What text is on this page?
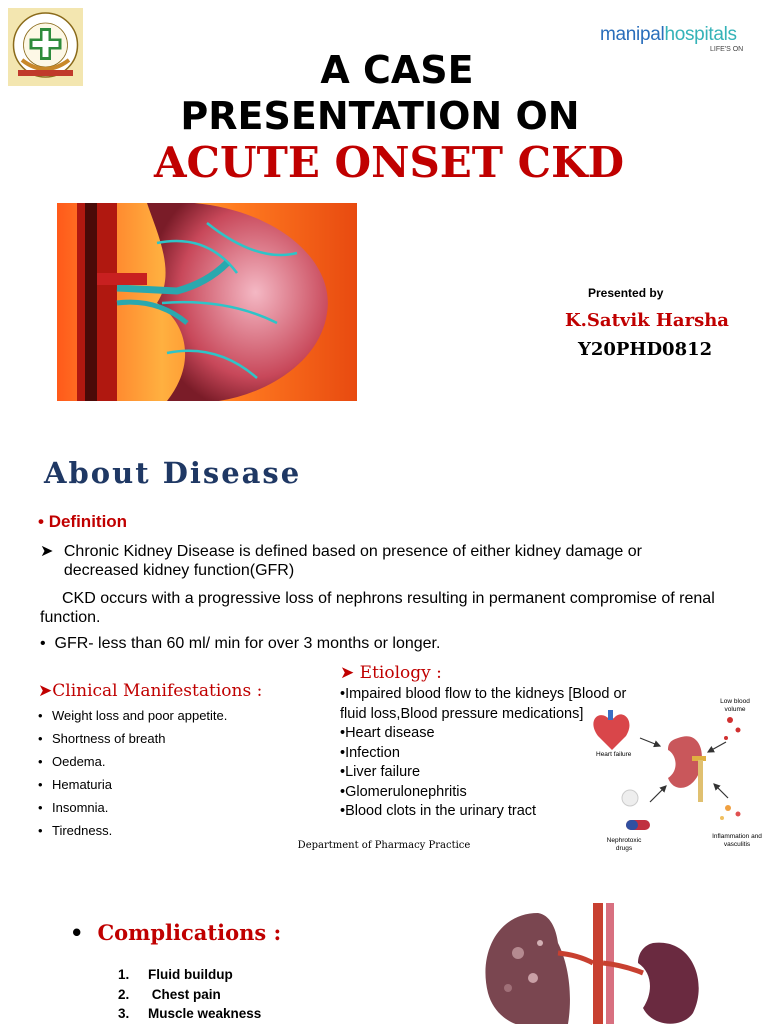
manipalhospitals
LIFE'S ON
A CASE
PRESENTATION ON
ACUTE ONSET CKD
Presented by
K.Satvik Harsha
Y20PHD0812
About Disease
• Definition
➤ Chronic Kidney Disease is defined based on presence of either kidney damage or decreased kidney function(GFR)
CKD occurs with a progressive loss of nephrons resulting in permanent compromise of renal function.
•  GFR- less than 60 ml/ min for over 3 months or longer.
➤Clinical Manifestations :
• Weight loss and poor appetite.
• Shortness of breath
• Oedema.
• Hematuria
• Insomnia.
• Tiredness.
➤ Etiology :
•Impaired blood flow to the kidneys [Blood or fluid loss,Blood pressure medications]
•Heart disease
•Infection
•Liver failure
•Glomerulonephritis
•Blood clots in the urinary tract
Low blood volume
Heart failure
Nephrotoxic drugs
Inflammation and vasculitis
Department of Pharmacy Practice
• Complications :
1. Fluid buildup
2. Chest pain
3. Muscle weakness
